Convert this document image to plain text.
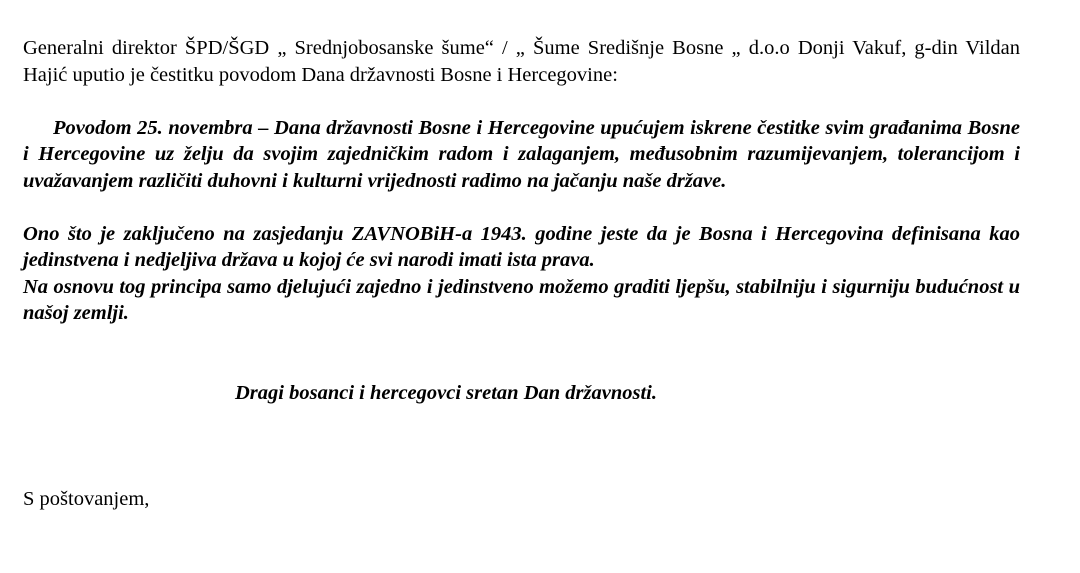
Generalni direktor ŠPD/ŠGD „ Srednjobosanske šume“ / „ Šume Središnje Bosne „ d.o.o Donji Vakuf, g-din Vildan Hajić uputio je čestitku povodom Dana državnosti Bosne i Hercegovine:

Povodom 25. novembra – Dana državnosti Bosne i Hercegovine upućujem iskrene čestitke svim građanima Bosne i Hercegovine uz želju da svojim zajedničkim radom i zalaganjem, međusobnim razumijevanjem, tolerancijom i uvažavanjem različiti duhovni i kulturni vrijednosti radimo na jačanju naše države.

Ono što je zaključeno na zasjedanju ZAVNOBiH-a 1943. godine jeste da je Bosna i Hercegovina definisana kao jedinstvena i nedjeljiva država u kojoj će svi narodi imati ista prava.

Na osnovu tog principa samo djelujući zajedno i jedinstveno možemo graditi ljepšu, stabilniju i sigurniju budućnost u našoj zemlji.

Dragi bosanci i hercegovci sretan Dan državnosti.

S poštovanjem,
